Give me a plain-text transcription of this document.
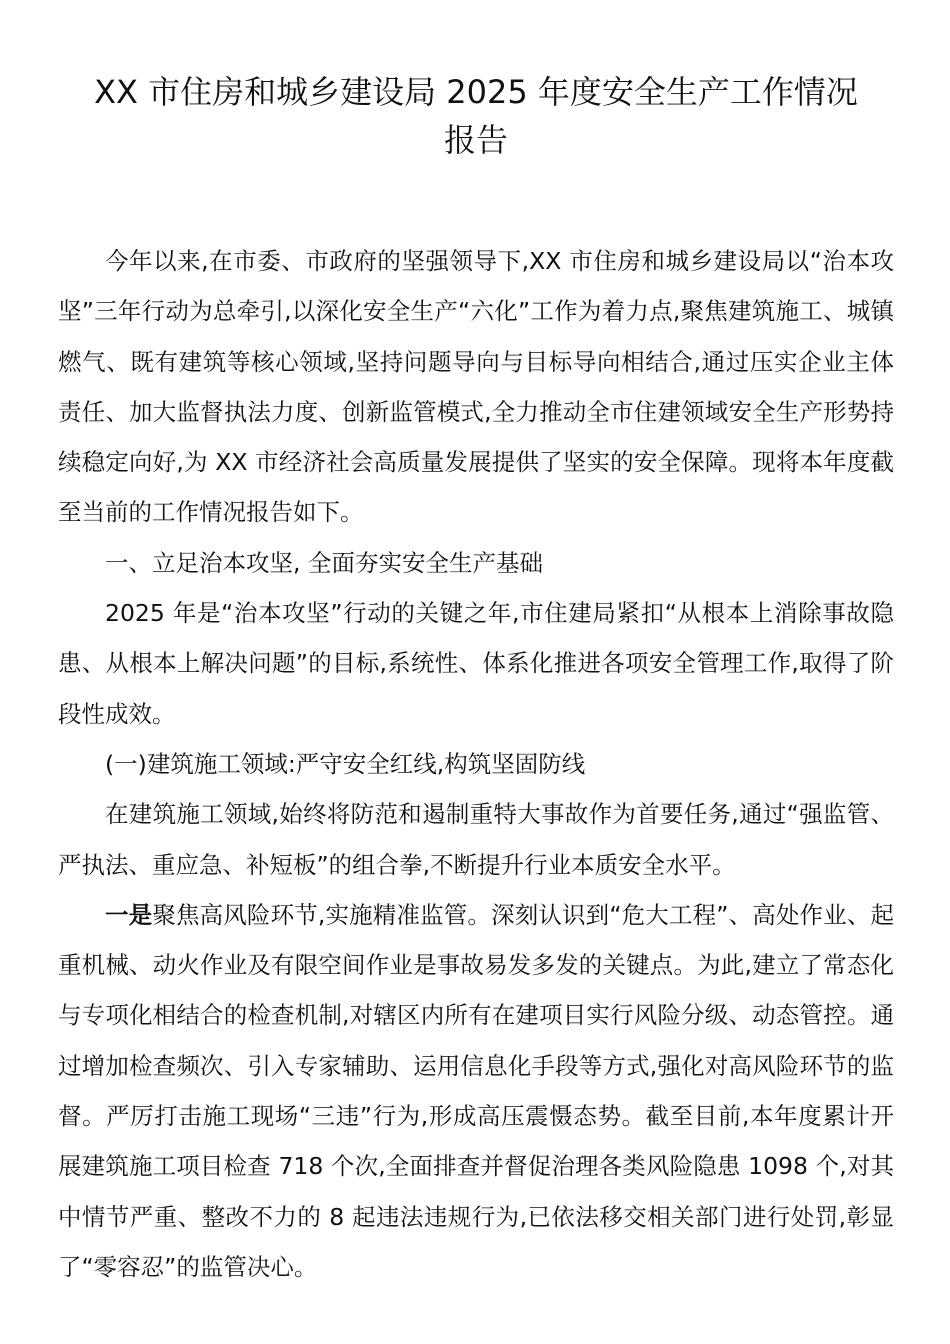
XX 市住房和城乡建设局 2025 年度安全生产工作情况
报告

今年以来,在市委、市政府的坚强领导下,XX 市住房和城乡建设局以“治本攻坚”三年行动为总牵引,以深化安全生产“六化”工作为着力点,聚焦建筑施工、城镇燃气、既有建筑等核心领域,坚持问题导向与目标导向相结合,通过压实企业主体责任、加大监督执法力度、创新监管模式,全力推动全市住建领域安全生产形势持续稳定向好,为 XX 市经济社会高质量发展提供了坚实的安全保障。现将本年度截至当前的工作情况报告如下。

一、立足治本攻坚, 全面夯实安全生产基础

2025 年是“治本攻坚”行动的关键之年,市住建局紧扣“从根本上消除事故隐患、从根本上解决问题”的目标,系统性、体系化推进各项安全管理工作,取得了阶段性成效。

(一)建筑施工领域:严守安全红线,构筑坚固防线

在建筑施工领域,始终将防范和遏制重特大事故作为首要任务,通过“强监管、严执法、重应急、补短板”的组合拳,不断提升行业本质安全水平。

一是聚焦高风险环节,实施精准监管。深刻认识到“危大工程”、高处作业、起重机械、动火作业及有限空间作业是事故易发多发的关键点。为此,建立了常态化与专项化相结合的检查机制,对辖区内所有在建项目实行风险分级、动态管控。通过增加检查频次、引入专家辅助、运用信息化手段等方式,强化对高风险环节的监督。严厉打击施工现场“三违”行为,形成高压震慑态势。截至目前,本年度累计开展建筑施工项目检查 718 个次,全面排查并督促治理各类风险隐患 1098 个,对其中情节严重、整改不力的 8 起违法违规行为,已依法移交相关部门进行处罚,彰显了“零容忍”的监管决心。
